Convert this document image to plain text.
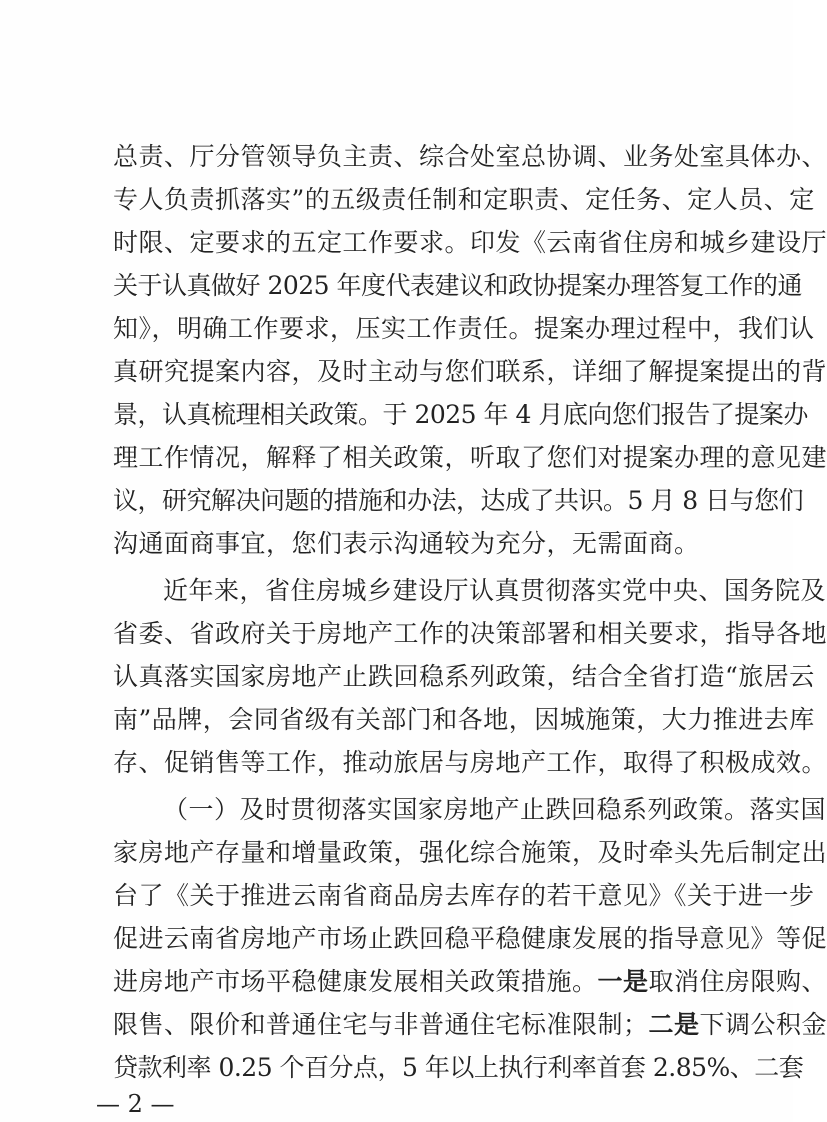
总责、厅分管领导负主责、综合处室总协调、业务处室具体办、
专人负责抓落实”的五级责任制和定职责、定任务、定人员、定
时限、定要求的五定工作要求。印发《云南省住房和城乡建设厅
关于认真做好 2025 年度代表建议和政协提案办理答复工作的通
知》，明确工作要求，压实工作责任。提案办理过程中，我们认
真研究提案内容，及时主动与您们联系，详细了解提案提出的背
景，认真梳理相关政策。于 2025 年 4 月底向您们报告了提案办
理工作情况，解释了相关政策，听取了您们对提案办理的意见建
议，研究解决问题的措施和办法，达成了共识。5 月 8 日与您们
沟通面商事宜，您们表示沟通较为充分，无需面商。
近年来，省住房城乡建设厅认真贯彻落实党中央、国务院及
省委、省政府关于房地产工作的决策部署和相关要求，指导各地
认真落实国家房地产止跌回稳系列政策，结合全省打造“旅居云
南”品牌，会同省级有关部门和各地，因城施策，大力推进去库
存、促销售等工作，推动旅居与房地产工作，取得了积极成效。
（一）及时贯彻落实国家房地产止跌回稳系列政策。落实国
家房地产存量和增量政策，强化综合施策，及时牵头先后制定出
台了《关于推进云南省商品房去库存的若干意见》《关于进一步
促进云南省房地产市场止跌回稳平稳健康发展的指导意见》等促
进房地产市场平稳健康发展相关政策措施。一是取消住房限购、
限售、限价和普通住宅与非普通住宅标准限制；二是下调公积金
— 2 —
贷款利率 0.25 个百分点，5 年以上执行利率首套 2.85%、二套
